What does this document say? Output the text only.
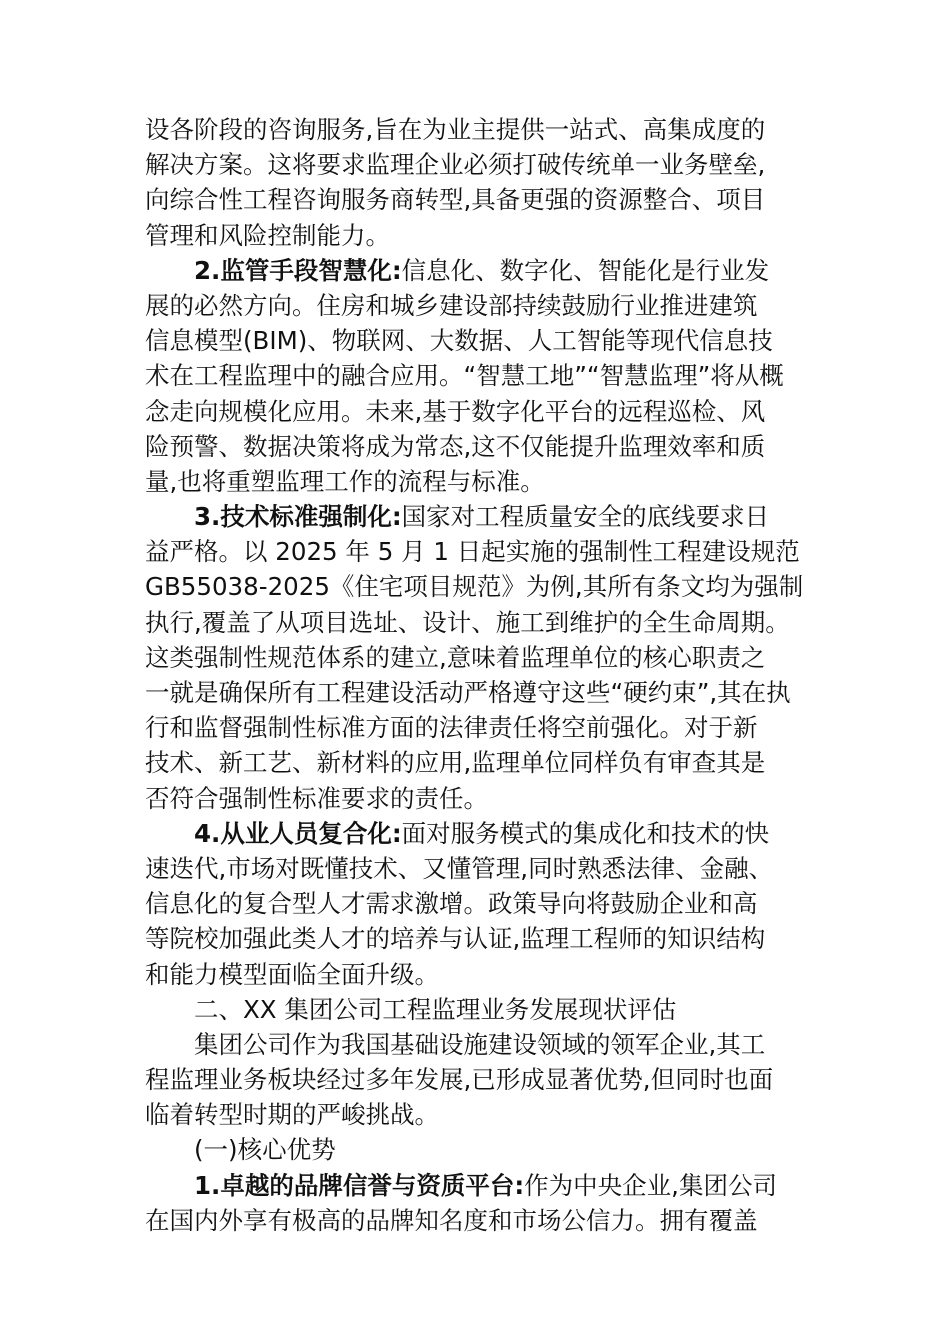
设各阶段的咨询服务,旨在为业主提供一站式、高集成度的
解决方案。这将要求监理企业必须打破传统单一业务壁垒,
向综合性工程咨询服务商转型,具备更强的资源整合、项目
管理和风险控制能力。
2.监管手段智慧化:信息化、数字化、智能化是行业发
展的必然方向。住房和城乡建设部持续鼓励行业推进建筑
信息模型(BIM)、物联网、大数据、人工智能等现代信息技
术在工程监理中的融合应用。“智慧工地”“智慧监理”将从概
念走向规模化应用。未来,基于数字化平台的远程巡检、风
险预警、数据决策将成为常态,这不仅能提升监理效率和质
量,也将重塑监理工作的流程与标准。
3.技术标准强制化:国家对工程质量安全的底线要求日
益严格。以 2025 年 5 月 1 日起实施的强制性工程建设规范
GB55038-2025《住宅项目规范》为例,其所有条文均为强制
执行,覆盖了从项目选址、设计、施工到维护的全生命周期。
这类强制性规范体系的建立,意味着监理单位的核心职责之
一就是确保所有工程建设活动严格遵守这些“硬约束”,其在执
行和监督强制性标准方面的法律责任将空前强化。对于新
技术、新工艺、新材料的应用,监理单位同样负有审查其是
否符合强制性标准要求的责任。
4.从业人员复合化:面对服务模式的集成化和技术的快
速迭代,市场对既懂技术、又懂管理,同时熟悉法律、金融、
信息化的复合型人才需求激增。政策导向将鼓励企业和高
等院校加强此类人才的培养与认证,监理工程师的知识结构
和能力模型面临全面升级。
二、XX 集团公司工程监理业务发展现状评估
集团公司作为我国基础设施建设领域的领军企业,其工
程监理业务板块经过多年发展,已形成显著优势,但同时也面
临着转型时期的严峻挑战。
(一)核心优势
1.卓越的品牌信誉与资质平台:作为中央企业,集团公司
在国内外享有极高的品牌知名度和市场公信力。拥有覆盖
